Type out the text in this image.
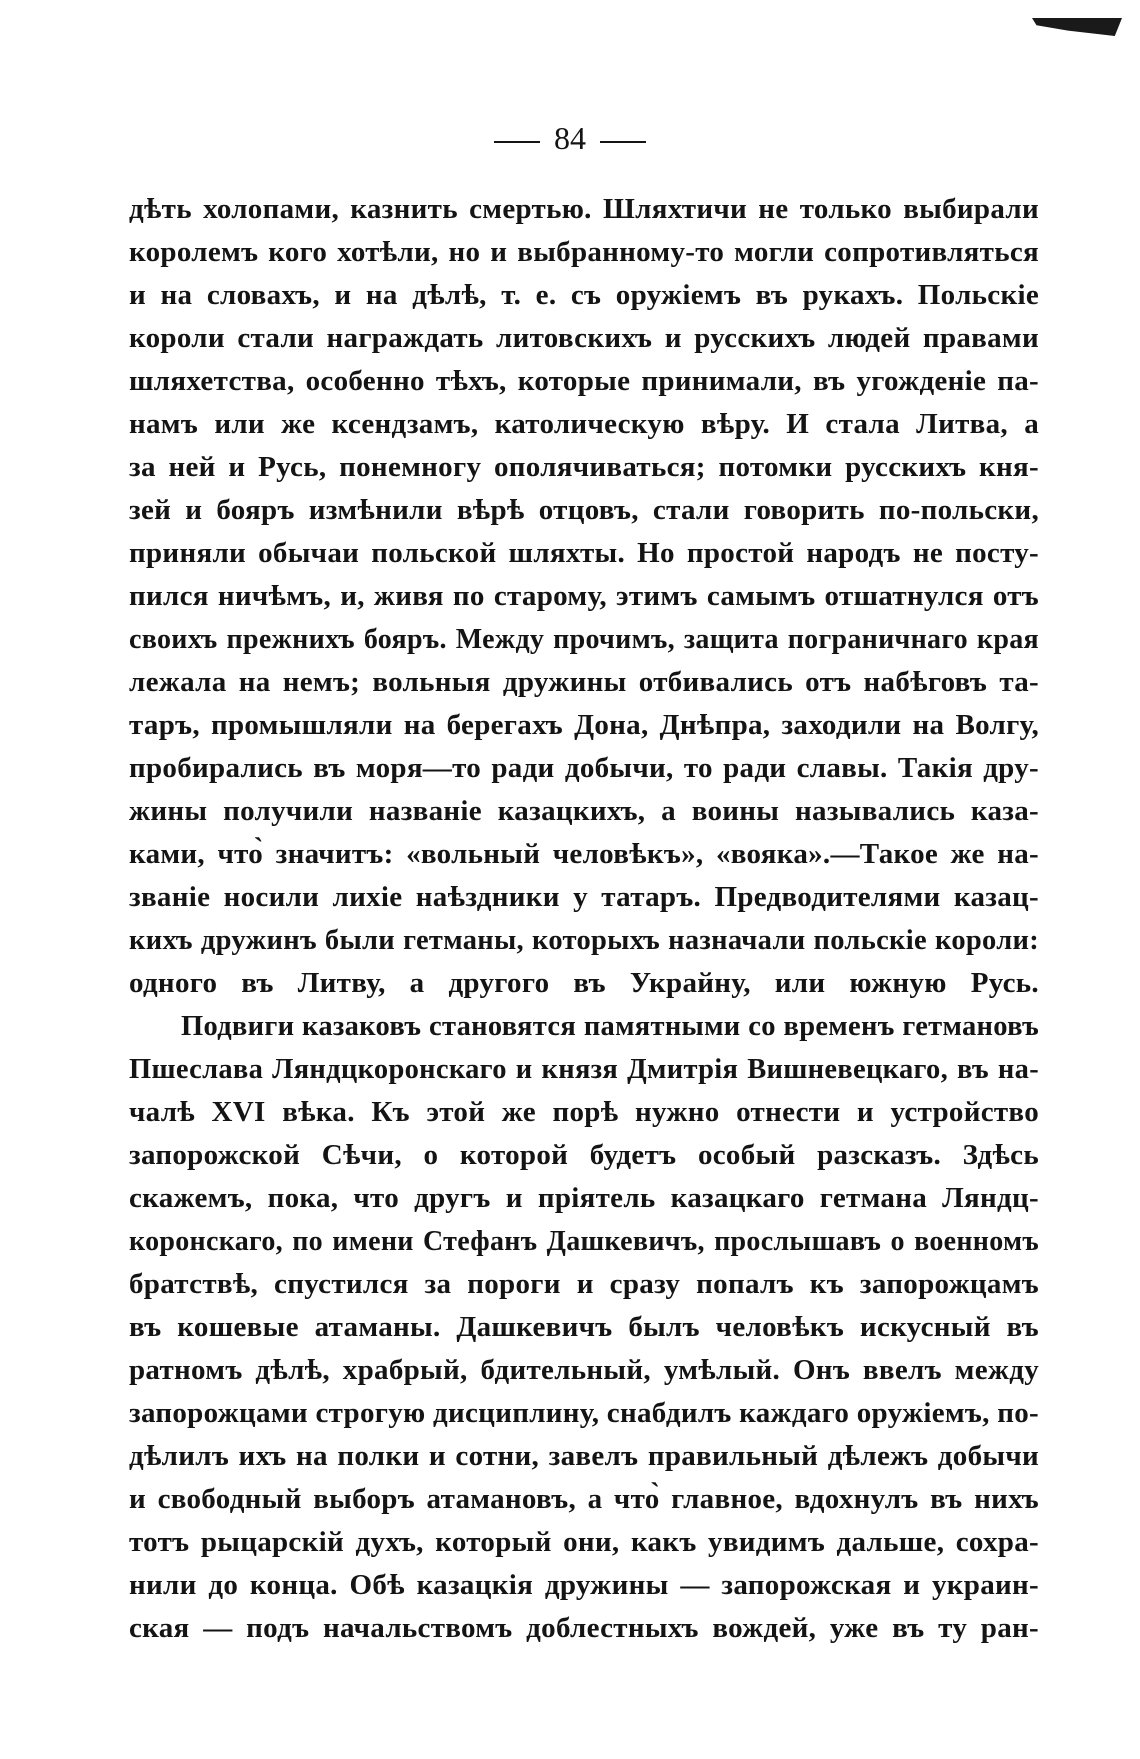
84
дѣть холопами, казнить смертью. Шляхтичи не только выбирали
королемъ кого хотѣли, но и выбранному-то могли сопротивляться
и на словахъ, и на дѣлѣ, т. е. съ оружіемъ въ рукахъ. Польскіе
короли стали награждать литовскихъ и русскихъ людей правами
шляхетства, особенно тѣхъ, которые принимали, въ угожденіе па-
намъ или же ксендзамъ, католическую вѣру. И стала Литва, а
за ней и Русь, понемногу ополячиваться; потомки русскихъ кня-
зей и бояръ измѣнили вѣрѣ отцовъ, стали говорить по-польски,
приняли обычаи польской шляхты. Но простой народъ не посту-
пился ничѣмъ, и, живя по старому, этимъ самымъ отшатнулся отъ
своихъ прежнихъ бояръ. Между прочимъ, защита пограничнаго края
лежала на немъ; вольныя дружины отбивались отъ набѣговъ та-
таръ, промышляли на берегахъ Дона, Днѣпра, заходили на Волгу,
пробирались въ моря—то ради добычи, то ради славы. Такія дру-
жины получили названіе казацкихъ, а воины назывались каза-
ками, что̀ значитъ: «вольный человѣкъ», «вояка».—Такое же на-
званіе носили лихіе наѣздники у татаръ. Предводителями казац-
кихъ дружинъ были гетманы, которыхъ назначали польскіе короли:
одного въ Литву, а другого въ Украйну, или южную Русь.
Подвиги казаковъ становятся памятными со временъ гетмановъ
Пшеслава Ляндцкоронскаго и князя Дмитрія Вишневецкаго, въ на-
чалѣ XVI вѣка. Къ этой же порѣ нужно отнести и устройство
запорожской Сѣчи, о которой будетъ особый разсказъ. Здѣсь
скажемъ, пока, что другъ и пріятель казацкаго гетмана Ляндц-
коронскаго, по имени Стефанъ Дашкевичъ, прослышавъ о военномъ
братствѣ, спустился за пороги и сразу попалъ къ запорожцамъ
въ кошевые атаманы. Дашкевичъ былъ человѣкъ искусный въ
ратномъ дѣлѣ, храбрый, бдительный, умѣлый. Онъ ввелъ между
запорожцами строгую дисциплину, снабдилъ каждаго оружіемъ, по-
дѣлилъ ихъ на полки и сотни, завелъ правильный дѣлежъ добычи
и свободный выборъ атамановъ, а что̀ главное, вдохнулъ въ нихъ
тотъ рыцарскій духъ, который они, какъ увидимъ дальше, сохра-
нили до конца. Обѣ казацкія дружины — запорожская и украин-
ская — подъ начальствомъ доблестныхъ вождей, уже въ ту ран-
